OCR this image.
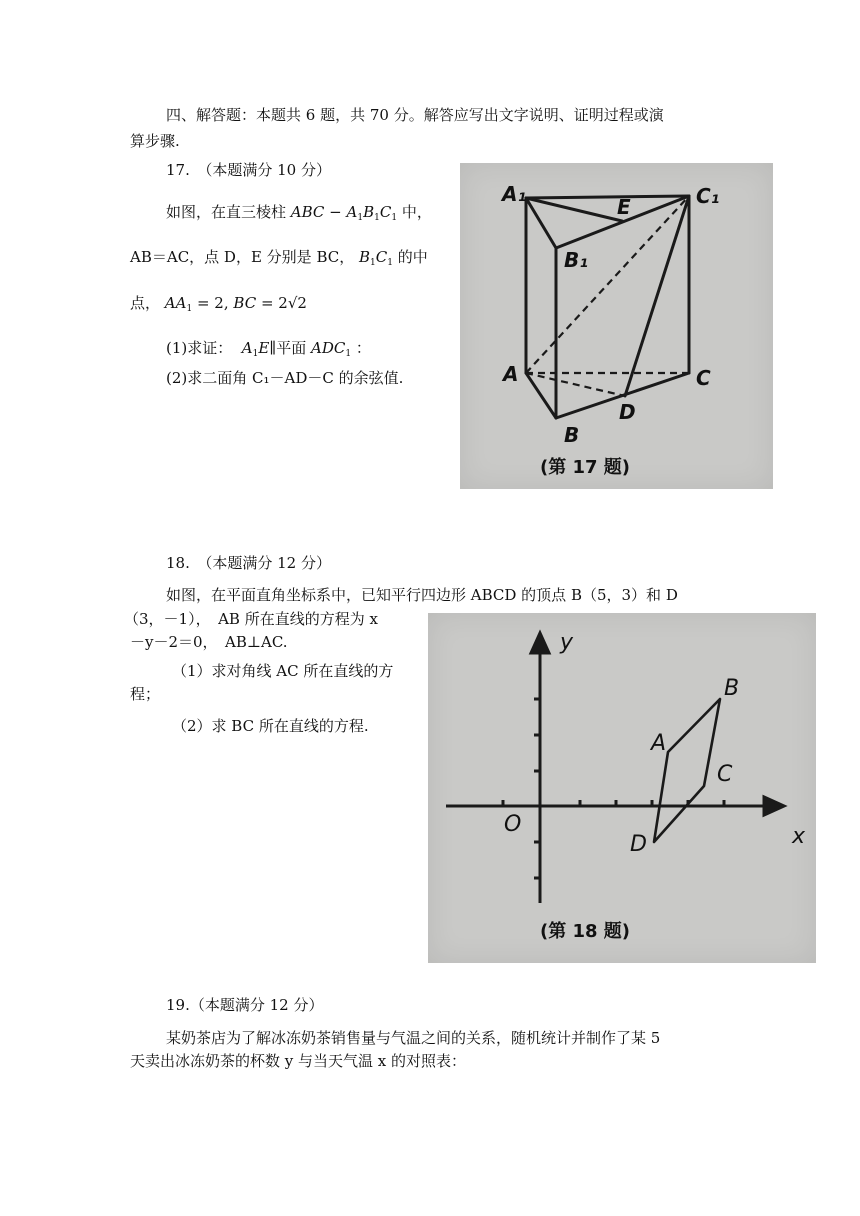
四、解答题：本题共 6 题，共 70 分。解答应写出文字说明、证明过程或演
算步骤.
17.　（本题满分 10 分）
如图，在直三棱柱 ABC − $A_1B_1C_1$ 中，
AB＝AC，点 D，E 分别是 BC， $B_1C_1$ 的中
点， $AA_1 = 2$, BC = 2√2
(1)求证： $A_1E\parallel$平面 $ADC_1$ ：
(2)求二面角 C₁－AD－C 的余弦值.
A₁	C₁
E
B₁
A	C
D
B
(第 17 题)
18.　（本题满分 12 分）
如图，在平面直角坐标系中，已知平行四边形 ABCD 的顶点 B（5，3）和 D
（3，－1），　AB 所在直线的方程为 x
－y－2＝0，　AB⊥AC.
（1）求对角线 AC 所在直线的方
程；
（2）求 BC 所在直线的方程.
y
x
O
A
B
C
D
(第 18 题)
19.（本题满分 12 分）
某奶茶店为了解冰冻奶茶销售量与气温之间的关系，随机统计并制作了某 5
天卖出冰冻奶茶的杯数 y 与当天气温 x 的对照表：
